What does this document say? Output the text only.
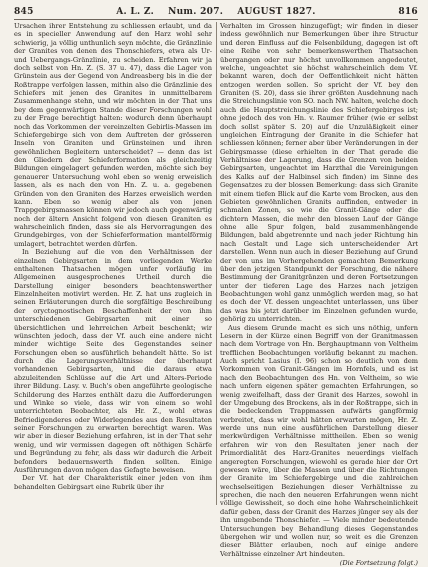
845	A. L. Z. Num. 207. AUGUST 1827.	816

Ursachen ihrer Entstehung zu schliessen erlaubt, und da es in specieller Anwendung auf den Harz wohl sehr schwierig, ja völlig unthunlich seyn möchte, die Gränzlinie der Granites von denen des Thonschiefers, etwa als Ur- und Uebergangs-Gränzlinie, zu scheiden. Erfahren wir ja doch selbst von Hn. Z. (S. 37 u. 47), dass die Lager von Grünstein aus der Gegend von Andreasberg bis in die der Roßtrappe verfolgen lassen, mithin also die Gränzlinie des Schiefers mit jenen des Granites in unmittelbarem Zusammenhange stehn, und wir möchten in der That uns bey dem gegenwärtigen Stande dieser Forschungen wohl zu der Frage berechtigt halten: wodurch denn überhaupt noch das Vorkommen der vereinzelten Gebirlis-Massen im Schiefergebirge sich von dem Auftreten der grösseren Inseln von Graniten und Grünsteinen und ihren gewöhnlichen Begleitern unterscheidet? — denn das ist den Gliedern der Schieferformation als gleichzeitig Bildungen eingelagert gefunden werden, möchte sich bey genauerer Untersuchung wohl eben so wenig erweislich lassen, als es nach den von Hn. Z. u. a. gegebenen Gründen von den Graniten des Harzes erweislich werden kann. Eben so wenig aber als von jenen Trappgebirgsmassen können wir jedoch auch gegenwärtig noch der ältern Ansicht folgend von diesen Graniten es wahrscheinlich finden, dass sie als Hervorragungen des Grundgebirges, von der Schieferformation mantelförmig umlagert, betrachtet werden dürfen.

In Beziehung auf die von den Verhältnissen der einzelnen Gebirgsarten in dem vorliegenden Werke enthaltenen Thatsachen mögen unfer vorläufig im Allgemeinen ausgesprochenes Urtheil durch die Darstellung einiger besonders beachtenswerther Einzelnheiten motivirt werden. Hr. Z. hat uns zugleich in seinen Erläuterungen durch die sorgfältige Beschreibung der oryctognostischen Beschaffenheit der von ihm unterschiedenen Gebirgsarten mit einer so übersichtlichen und lehrreichen Arbeit beschenkt; wir wünschten jedoch, dass der Vf. auch eine andere nicht minder wichtige Seite des Gegenstandes seiner Forschungen eben so ausführlich behandelt hätte. So ist durch die Lagerungsverhältnisse der überhaupt vorhandenen Gebirgsarten, und die daraus etwa abzuleitenden Schlüsse auf die Art und Alters-Periode ihrer Bildung. Lasy. v. Buch's oben angeführte geologische Schilderung des Harzes enthält dazu die Aufforderungen und Winke so viele, dass wir von einem so wohl unterrichteten Beobachter, als Hr. Z., wohl etwas Befriedigenderes oder Widerlegendes aus den Resultaten seiner Forschungen zu erwarten berechtigt waren. Was wir aber in dieser Beziehung erfahren, ist in der That sehr wenig, und wir vermissen dagegen oft nöthigen Schärfe und Begründung zu fehr, als dass wir dadurch die Arbeit befonders bedauernswerth finden sollten. Einige Ausführungen davon mögen das Gefagte beweisen.

Der Vf. hat der Charakteristik einer jeden von ihm behandelten Gebirgsart eine Rubrik über ihr

Verhalten im Grossen hinzugefügt; wir finden in dieser indess gewöhnlich nur Bemerkungen über ihre Structur und deren Einfluss auf die Felsenbildung, dagegen ist oft eine Reihe von sehr bemerkenswerthen Thatsachen übergangen oder nur höchst unvollkommen angedeutet, welche, ungeachtet sie höchst wahrscheinlich dem Vf. bekannt waren, doch der Oeffentlichkeit nicht hätten entzogen werden sollen. So spricht der Vf. bey den Graniten (S. 20), dass sie ihrer größten Ausdehnung nach die Streichungslinie von SO. nach NW. halten, welche doch auch die Hauptstreichungslinie des Schiefergebirges ist; ohne jedoch des von Hn. v. Raumer früher (wie er selbst doch sollst später S. 20) auf die Unzuläßigkeit einer ungleichen Eintragung der Granite in die Schiefer hat schliessen können; ferner aber über Veränderungen in der Gebirgsmasse (diese erhielten in der That gerade die Verhältnisse der Lagerung, dass die Grenzen von beiden Gebirgsarten, ungeachtet im Harzthal die Vereinigungen des Kalks auf der Halbinsel sich finden) im Sinne des Gegensatzes zu der blossen Bemerkung: dass sich Granite mit einem tiefen Blick auf die Karte vom Brocken, aus den Gebieten gewöhnlichen Granits auffinden, entweder in schmalen Zonen, so wie die Granit-Gänge oder die dichtern Massen, die mehr den blossen Lauf der Gänge ohne alle Spur folgen, bald zusammenhängende Bildungen, bald abgetrennte und nach jeder Richtung hin nach Gestalt und Lage sich unterscheidender Art darstellen. Wenn nun auch in dieser Beziehung auf Grund der von uns im Vorhergehenden gemachten Bemerkung über den jetzigen Standpunkt der Forschung, die nähere Bestimmung der Granitgränzen und deren Fortsetzungen unter der tieferen Lage des Harzes nach jetzigen Beobachtungen wohl ganz unmöglich werden mag, so hat es doch der Vf. dessen ungeachtet unterlassen, uns über das was bis jetzt darüber im Einzelnen gefunden wurde, gehörig zu unterrichten.

Aus diesem Grunde macht es sich uns nöthig, unfern Lesern in der Kürze einen Begriff von der Granitmassen nach dem Vortrage von Hn. Berghauptmann von Veltheim trefflichen Beobachtungen vorläufig bekannt zu machen. Auch spricht Lasius (I. 96) schon so deutlich von dem Vorkommen von Granit-Gängen im Hornfels, und es ist nach den Beobachtungen des Hn. von Veltheim, so wie nach unfern eigenen später gemachten Erfahrungen, so wenig zweifelhaft, dass der Granit des Harzes, sowohl in der Umgebung des Brockens, als in der Roßtrappe, sich in die bedeckenden Trappmassen aufwärts gangförmig verbreitet, dass wir wohl hätten erwarten mögen, Hr. Z. werde uns nun eine ausführlichen Darstellung dieser merkwürdigen Verhältnisse mittheilen. Eben so wenig erfahren wir von den Resultaten jener nach der Primordialität des Harz-Granites neuerdings vielfach angeregten Forschungen, wiewohl es gerade hier der Ort gewesen wäre, über die Massen und über die Richtungen der Granite im Schiefergebirge und die zahlreichen wechselseitigen Beziehungen dieser Verhältnisse zu sprechen, die nach den neueren Erfahrungen wenn nicht völlige Gewissheit, so doch eine hohe Wahrscheinlichkeit dafür geben, dass der Granit des Harzes jünger sey als der ihn umgebende Thonschiefer. — Viele minder bedeutende Untersuchungen bey Behandlung dieses Gegenstandes übergehen wir und wollen nur, so weit es die Grenzen dieser Blätter erlauben, noch auf einige andere Verhältnisse einzelner Art hindeuten.

(Die Fortsetzung folgt.)
